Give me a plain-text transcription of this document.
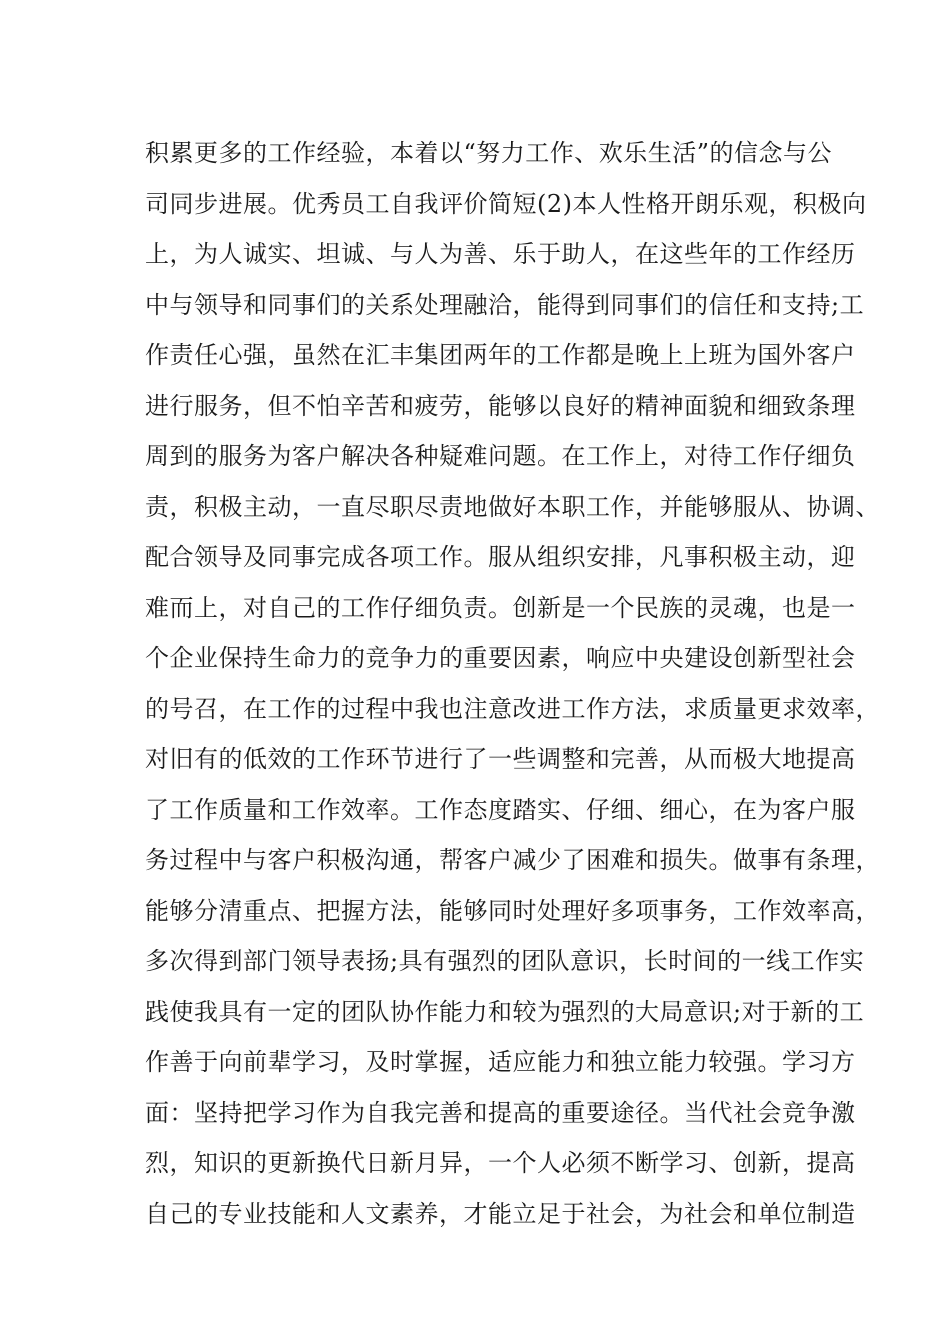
积累更多的工作经验，本着以“努力工作、欢乐生活”的信念与公
司同步进展。优秀员工自我评价简短(2)本人性格开朗乐观，积极向
上，为人诚实、坦诚、与人为善、乐于助人，在这些年的工作经历
中与领导和同事们的关系处理融洽，能得到同事们的信任和支持;工
作责任心强，虽然在汇丰集团两年的工作都是晚上上班为国外客户
进行服务，但不怕辛苦和疲劳，能够以良好的精神面貌和细致条理
周到的服务为客户解决各种疑难问题。在工作上，对待工作仔细负
责，积极主动，一直尽职尽责地做好本职工作，并能够服从、协调、
配合领导及同事完成各项工作。服从组织安排，凡事积极主动，迎
难而上，对自己的工作仔细负责。创新是一个民族的灵魂，也是一
个企业保持生命力的竞争力的重要因素，响应中央建设创新型社会
的号召，在工作的过程中我也注意改进工作方法，求质量更求效率，
对旧有的低效的工作环节进行了一些调整和完善，从而极大地提高
了工作质量和工作效率。工作态度踏实、仔细、细心，在为客户服
务过程中与客户积极沟通，帮客户减少了困难和损失。做事有条理，
能够分清重点、把握方法，能够同时处理好多项事务，工作效率高，
多次得到部门领导表扬;具有强烈的团队意识，长时间的一线工作实
践使我具有一定的团队协作能力和较为强烈的大局意识;对于新的工
作善于向前辈学习，及时掌握，适应能力和独立能力较强。学习方
面：坚持把学习作为自我完善和提高的重要途径。当代社会竞争激
烈，知识的更新换代日新月异，一个人必须不断学习、创新，提高
自己的专业技能和人文素养，才能立足于社会，为社会和单位制造
